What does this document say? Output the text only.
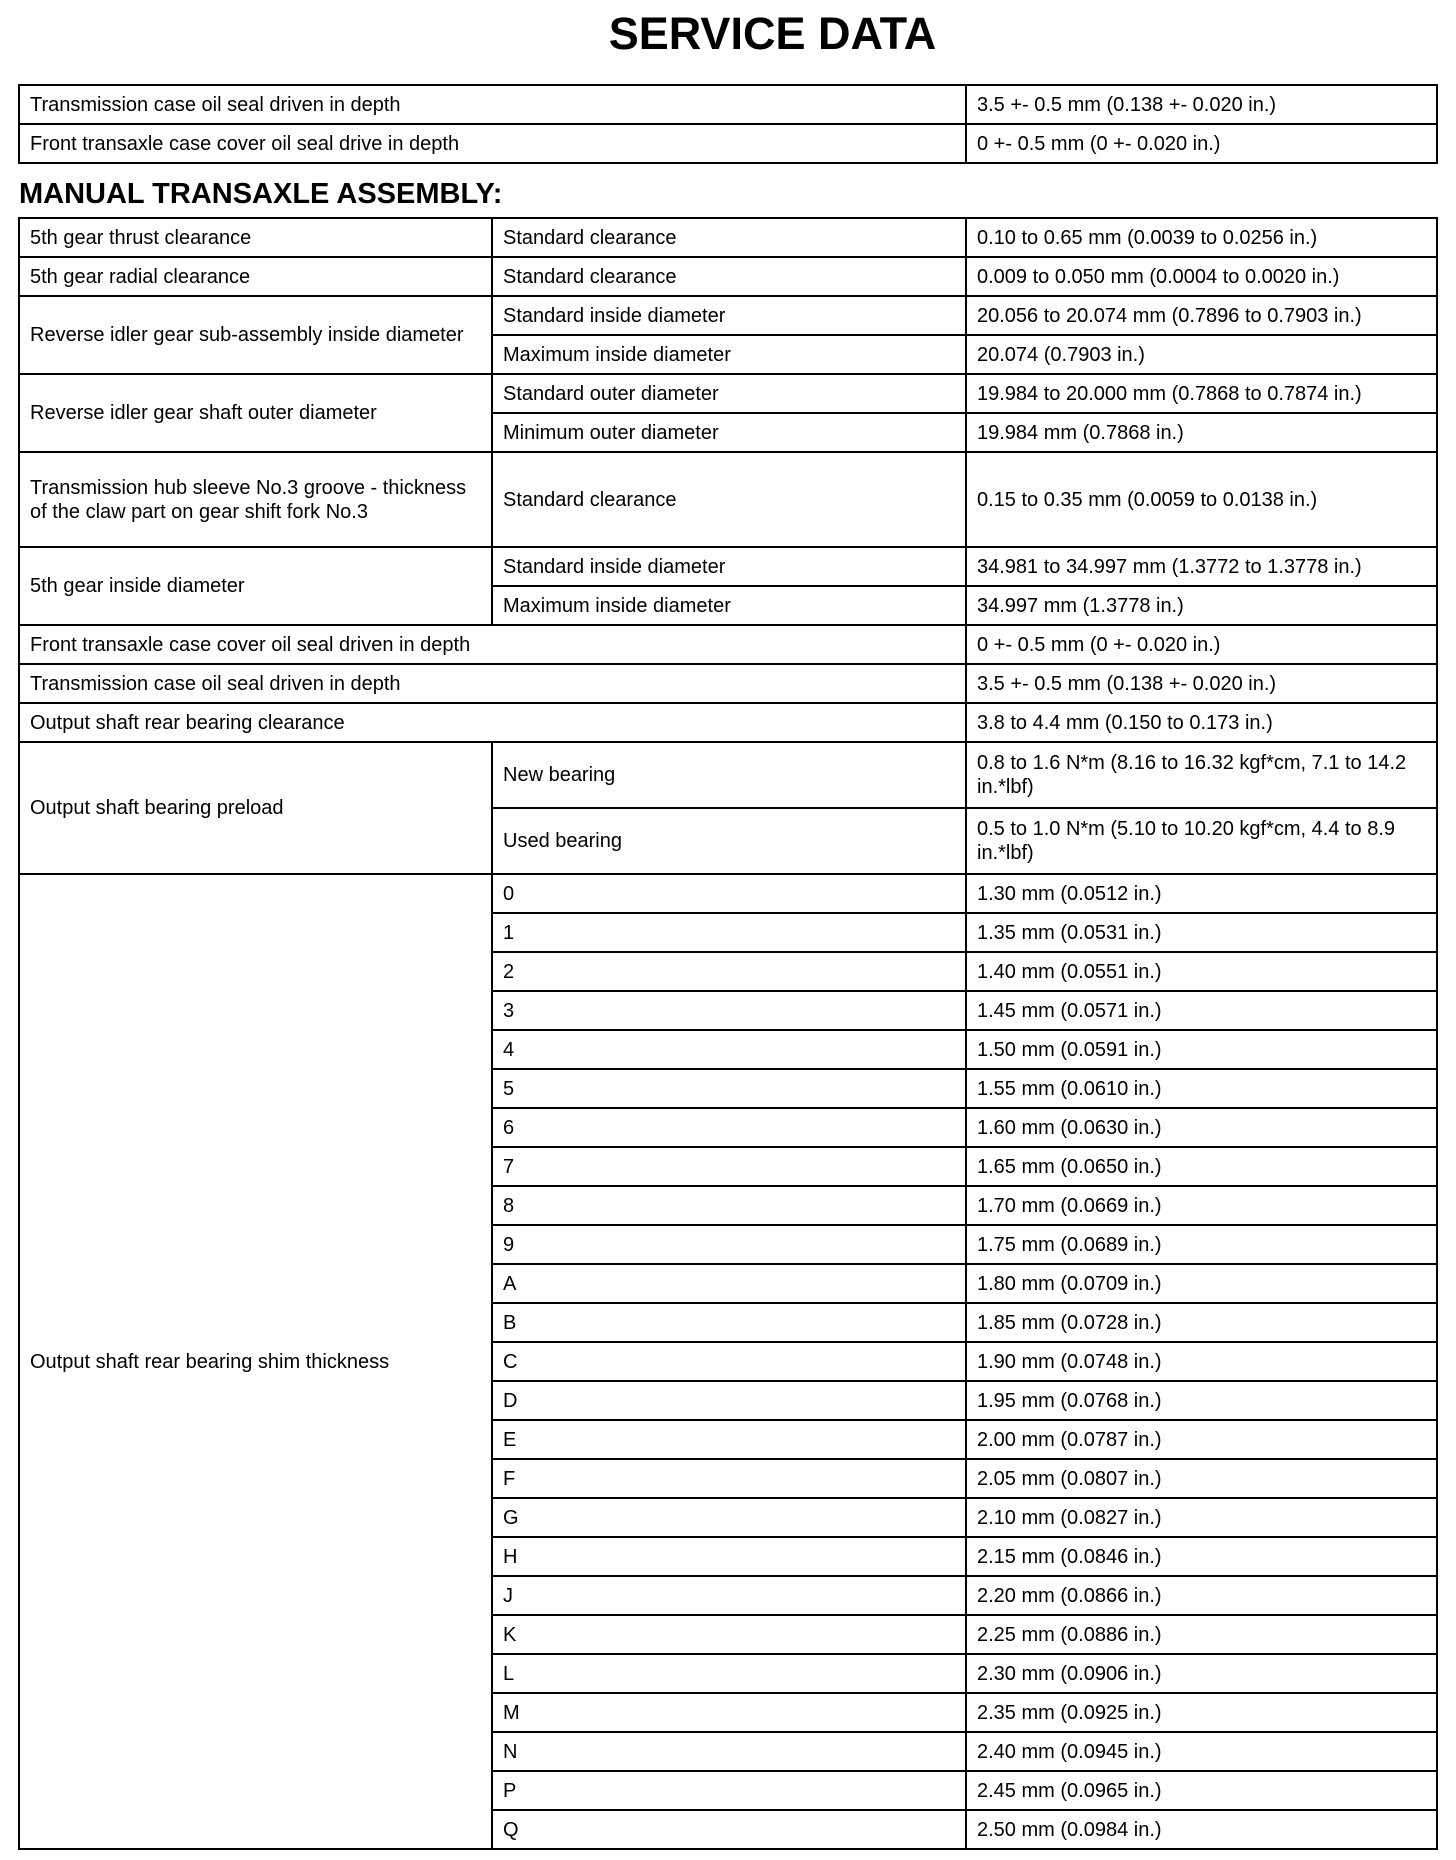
SERVICE DATA
Transmission case oil seal driven in depth	3.5 +- 0.5 mm (0.138 +- 0.020 in.)
Front transaxle case cover oil seal drive in depth	0 +- 0.5 mm (0 +- 0.020 in.)
MANUAL TRANSAXLE ASSEMBLY:
5th gear thrust clearance	Standard clearance	0.10 to 0.65 mm (0.0039 to 0.0256 in.)
5th gear radial clearance	Standard clearance	0.009 to 0.050 mm (0.0004 to 0.0020 in.)
Reverse idler gear sub-assembly inside diameter	Standard inside diameter	20.056 to 20.074 mm (0.7896 to 0.7903 in.)
	Maximum inside diameter	20.074 (0.7903 in.)
Reverse idler gear shaft outer diameter	Standard outer diameter	19.984 to 20.000 mm (0.7868 to 0.7874 in.)
	Minimum outer diameter	19.984 mm (0.7868 in.)
Transmission hub sleeve No.3 groove - thickness of the claw part on gear shift fork No.3	Standard clearance	0.15 to 0.35 mm (0.0059 to 0.0138 in.)
5th gear inside diameter	Standard inside diameter	34.981 to 34.997 mm (1.3772 to 1.3778 in.)
	Maximum inside diameter	34.997 mm (1.3778 in.)
Front transaxle case cover oil seal driven in depth		0 +- 0.5 mm (0 +- 0.020 in.)
Transmission case oil seal driven in depth		3.5 +- 0.5 mm (0.138 +- 0.020 in.)
Output shaft rear bearing clearance		3.8 to 4.4 mm (0.150 to 0.173 in.)
Output shaft bearing preload	New bearing	0.8 to 1.6 N*m (8.16 to 16.32 kgf*cm, 7.1 to 14.2 in.*lbf)
	Used bearing	0.5 to 1.0 N*m (5.10 to 10.20 kgf*cm, 4.4 to 8.9 in.*lbf)
Output shaft rear bearing shim thickness	0	1.30 mm (0.0512 in.)
	1	1.35 mm (0.0531 in.)
	2	1.40 mm (0.0551 in.)
	3	1.45 mm (0.0571 in.)
	4	1.50 mm (0.0591 in.)
	5	1.55 mm (0.0610 in.)
	6	1.60 mm (0.0630 in.)
	7	1.65 mm (0.0650 in.)
	8	1.70 mm (0.0669 in.)
	9	1.75 mm (0.0689 in.)
	A	1.80 mm (0.0709 in.)
	B	1.85 mm (0.0728 in.)
	C	1.90 mm (0.0748 in.)
	D	1.95 mm (0.0768 in.)
	E	2.00 mm (0.0787 in.)
	F	2.05 mm (0.0807 in.)
	G	2.10 mm (0.0827 in.)
	H	2.15 mm (0.0846 in.)
	J	2.20 mm (0.0866 in.)
	K	2.25 mm (0.0886 in.)
	L	2.30 mm (0.0906 in.)
	M	2.35 mm (0.0925 in.)
	N	2.40 mm (0.0945 in.)
	P	2.45 mm (0.0965 in.)
	Q	2.50 mm (0.0984 in.)
